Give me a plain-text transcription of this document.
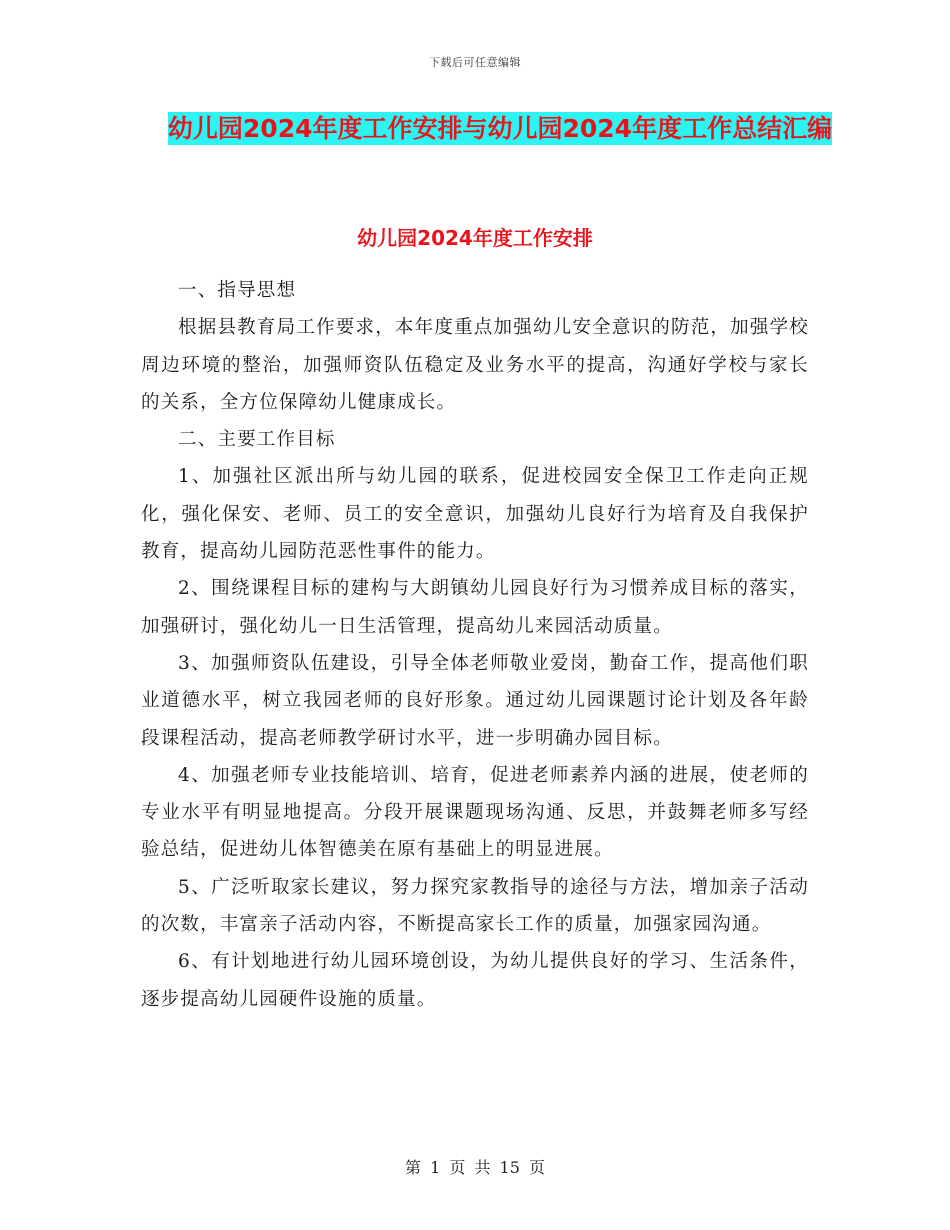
下载后可任意编辑
幼儿园2024年度工作安排与幼儿园2024年度工作总结汇编
幼儿园2024年度工作安排

一、指导思想

根据县教育局工作要求，本年度重点加强幼儿安全意识的防范，加强学校周边环境的整治，加强师资队伍稳定及业务水平的提高，沟通好学校与家长的关系，全方位保障幼儿健康成长。

二、主要工作目标

1、加强社区派出所与幼儿园的联系，促进校园安全保卫工作走向正规化，强化保安、老师、员工的安全意识，加强幼儿良好行为培育及自我保护教育，提高幼儿园防范恶性事件的能力。

2、围绕课程目标的建构与大朗镇幼儿园良好行为习惯养成目标的落实，加强研讨，强化幼儿一日生活管理，提高幼儿来园活动质量。

3、加强师资队伍建设，引导全体老师敬业爱岗，勤奋工作，提高他们职业道德水平，树立我园老师的良好形象。通过幼儿园课题讨论计划及各年龄段课程活动，提高老师教学研讨水平，进一步明确办园目标。

4、加强老师专业技能培训、培育，促进老师素养内涵的进展，使老师的专业水平有明显地提高。分段开展课题现场沟通、反思，并鼓舞老师多写经验总结，促进幼儿体智德美在原有基础上的明显进展。

5、广泛听取家长建议，努力探究家教指导的途径与方法，增加亲子活动的次数，丰富亲子活动内容，不断提高家长工作的质量，加强家园沟通。

6、有计划地进行幼儿园环境创设，为幼儿提供良好的学习、生活条件，逐步提高幼儿园硬件设施的质量。

第 1 页 共 15 页
